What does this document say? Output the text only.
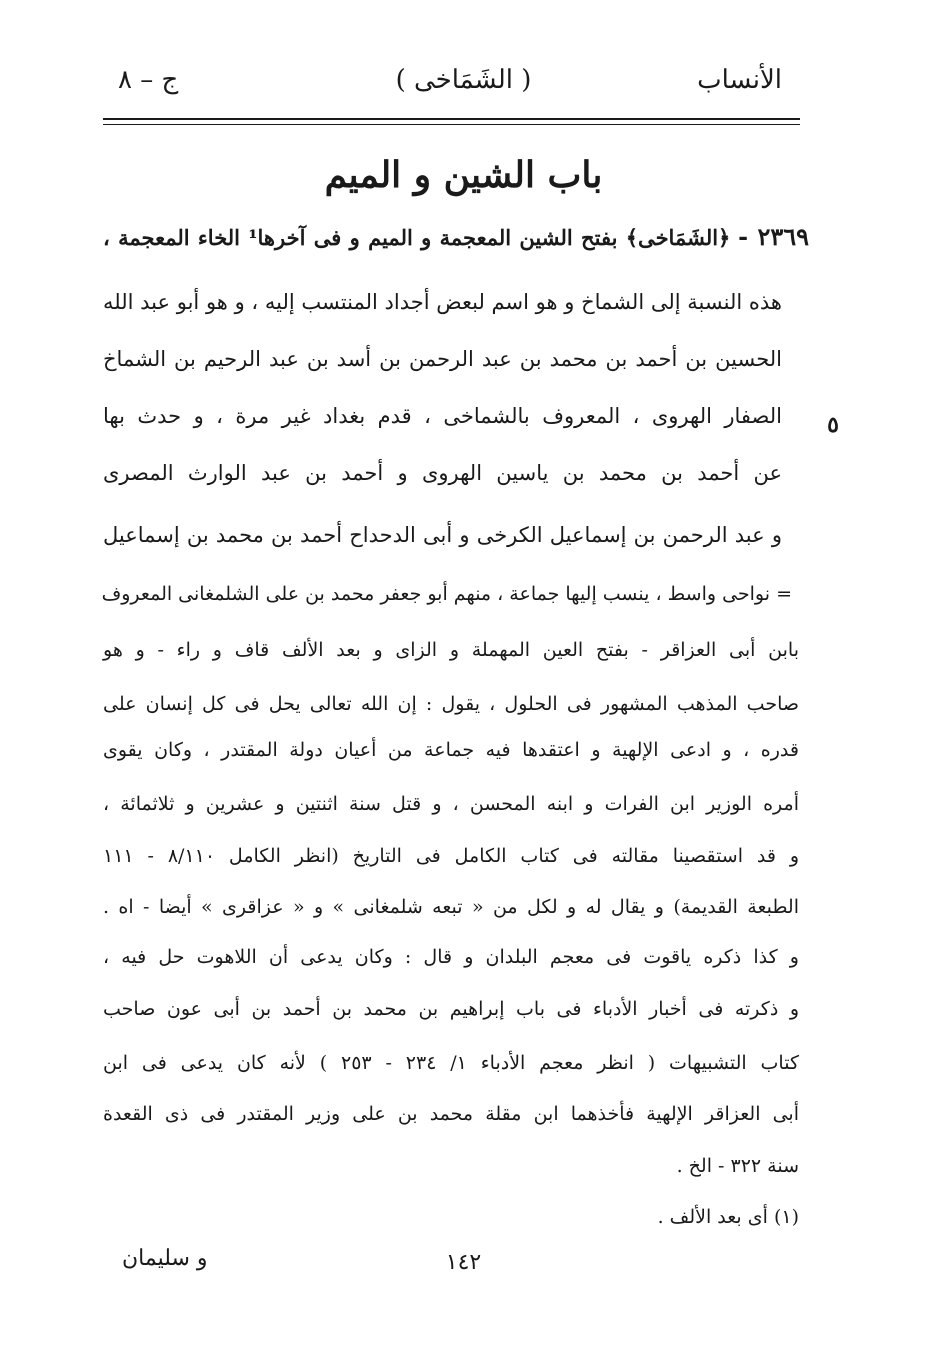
الأنساب
( الشَمَاخى )
ج – ٨
باب الشين و الميم
٢٣٦٩ - ﴿الشَمَاخى﴾ بفتح الشين المعجمة و الميم و فى آخرها¹ الخاء المعجمة ،
هذه النسبة إلى الشماخ و هو اسم لبعض أجداد المنتسب إليه ، و هو أبو عبد الله
الحسين بن أحمد بن محمد بن عبد الرحمن بن أسد بن عبد الرحيم بن الشماخ
الصفار الهروى ، المعروف بالشماخى ، قدم بغداد غير مرة ، و حدث بها
عن أحمد بن محمد بن ياسين الهروى و أحمد بن عبد الوارث المصرى
و عبد الرحمن بن إسماعيل الكرخى و أبى الدحداح أحمد بن محمد بن إسماعيل
٥
= نواحى واسط ، ينسب إليها جماعة ، منهم أبو جعفر محمد بن على الشلمغانى المعروف
بابن أبى العزاقر - بفتح العين المهملة و الزاى و بعد الألف قاف و راء - و هو
صاحب المذهب المشهور فى الحلول ، يقول : إن الله تعالى يحل فى كل إنسان على
قدره ، و ادعى الإلهية و اعتقدها فيه جماعة من أعيان دولة المقتدر ، وكان يقوى
أمره الوزير ابن الفرات و ابنه المحسن ، و قتل سنة اثنتين و عشرين و ثلاثمائة ،
و قد استقصينا مقالته فى كتاب الكامل فى التاريخ (انظر الكامل ٨/١١٠ - ١١١
الطبعة القديمة) و يقال له و لكل من « تبعه شلمغانى » و « عزاقرى » أيضا - اه .
و كذا ذكره ياقوت فى معجم البلدان و قال : وكان يدعى أن اللاهوت حل فيه ،
و ذكرته فى أخبار الأدباء فى باب إبراهيم بن محمد بن أحمد بن أبى عون صاحب
كتاب التشبيهات ( انظر معجم الأدباء ١/ ٢٣٤ - ٢٥٣ ) لأنه كان يدعى فى ابن
أبى العزاقر الإلهية فأخذهما ابن مقلة محمد بن على وزير المقتدر فى ذى القعدة
سنة ٣٢٢ - الخ .
(١) أى بعد الألف .
١٤٢
و سليمان
